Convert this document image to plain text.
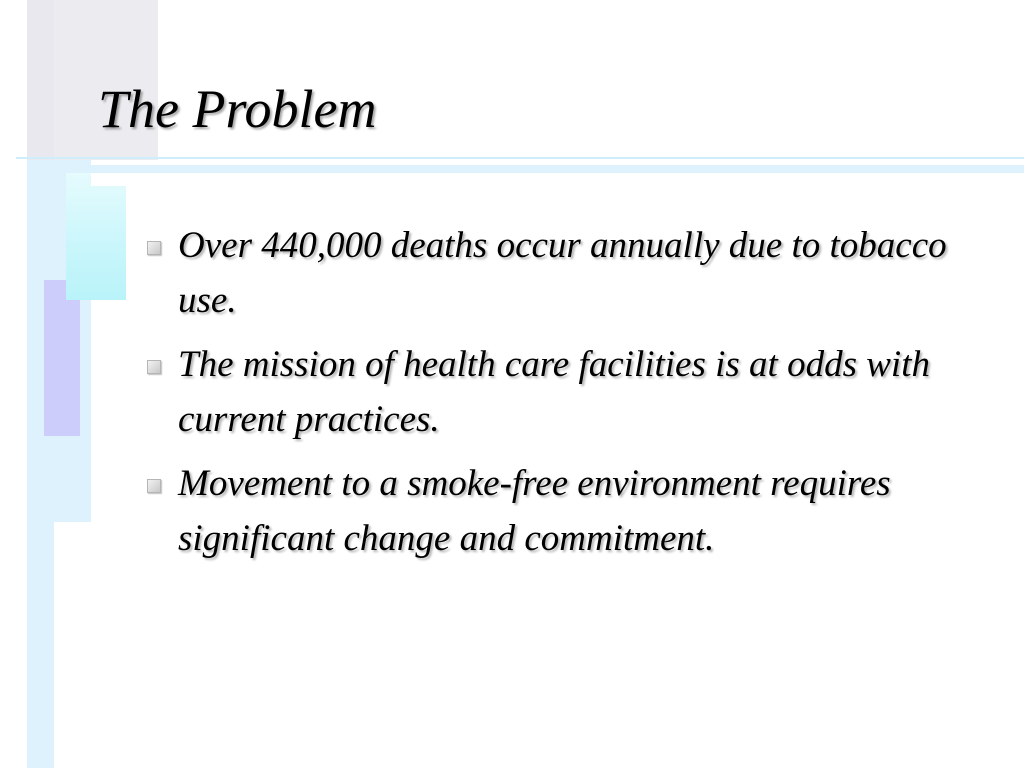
The Problem
Over 440,000 deaths occur annually due to tobacco use.
The mission of health care facilities is at odds with current practices.
Movement to a smoke-free environment requires significant change and commitment.
